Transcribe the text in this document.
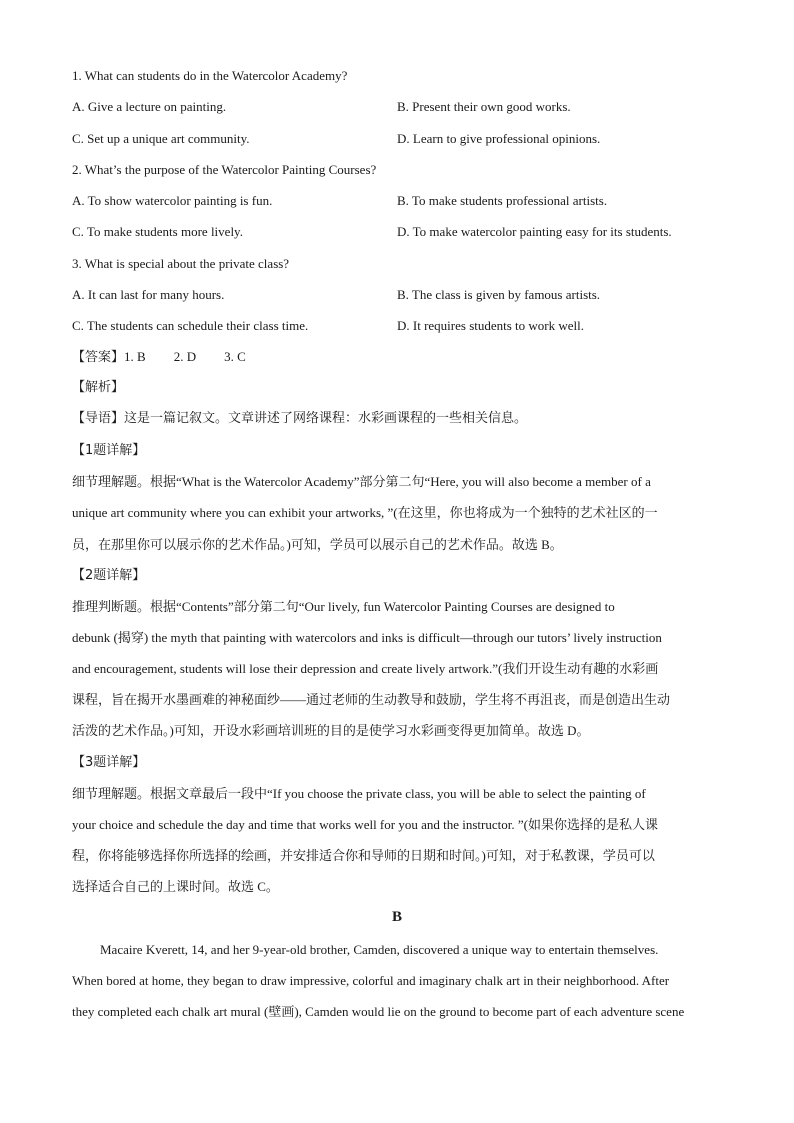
1. What can students do in the Watercolor Academy?
A. Give a lecture on painting.	B. Present their own good works.
C. Set up a unique art community.	D. Learn to give professional opinions.
2. What’s the purpose of the Watercolor Painting Courses?
A. To show watercolor painting is fun.	B. To make students professional artists.
C. To make students more lively.	D. To make watercolor painting easy for its students.
3. What is special about the private class?
A. It can last for many hours.	B. The class is given by famous artists.
C. The students can schedule their class time.	D. It requires students to work well.
【答案】1. B 2. D 3. C
【解析】
【导语】这是一篇记叙文。文章讲述了网络课程：水彩画课程的一些相关信息。
【1题详解】
细节理解题。根据“What is the Watercolor Academy”部分第二句“Here, you will also become a member of a
unique art community where you can exhibit your artworks, ”(在这里，你也将成为一个独特的艺术社区的一
员，在那里你可以展示你的艺术作品。)可知，学员可以展示自己的艺术作品。故选 B。
【2题详解】
推理判断题。根据“Contents”部分第二句“Our lively, fun Watercolor Painting Courses are designed to
debunk (揭穿) the myth that painting with watercolors and inks is difficult—through our tutors’ lively instruction
and encouragement, students will lose their depression and create lively artwork.”(我们开设生动有趣的水彩画
课程，旨在揭开水墨画难的神秘面纱——通过老师的生动教导和鼓励，学生将不再沮丧，而是创造出生动
活泼的艺术作品。)可知，开设水彩画培训班的目的是使学习水彩画变得更加简单。故选 D。
【3题详解】
细节理解题。根据文章最后一段中“If you choose the private class, you will be able to select the painting of
your choice and schedule the day and time that works well for you and the instructor. ”(如果你选择的是私人课
程，你将能够选择你所选择的绘画，并安排适合你和导师的日期和时间。)可知，对于私教课，学员可以
选择适合自己的上课时间。故选 C。
B
Macaire Kverett, 14, and her 9-year-old brother, Camden, discovered a unique way to entertain themselves.
When bored at home, they began to draw impressive, colorful and imaginary chalk art in their neighborhood. After
they completed each chalk art mural (壁画), Camden would lie on the ground to become part of each adventure scene
